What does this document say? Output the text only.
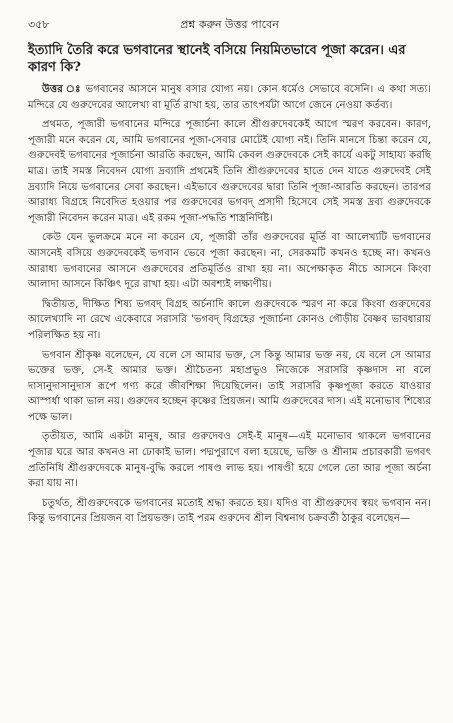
৩৫৮	প্রশ্ন করুন উত্তর পাবেন
ইত্যাদি তৈরি করে ভগবানের স্থানেই বসিয়ে নিয়মিতভাবে পূজা করেন। এর কারণ কি?

উত্তর ঃ ভগবানের আসনে মানুষ বসার যোগ্য নয়। কোন ধর্মেও সেভাবে বসেনি। এ কথা সত্য। মন্দিরে যে গুরুদেবের আলেখ্য বা মূর্তি রাখা হয়, তার তাৎপর্যটা আগে জেনে নেওয়া কর্তব্য।

প্রথমত, পূজারী ভগবানের মন্দিরে পূজার্চনা কালে শ্রীগুরুদেবকেই আগে স্মরণ করবেন। কারণ, পূজারী মনে করেন যে, আমি ভগবানের পূজা-সেবার মোটেই যোগ্য নই। তিনি মানসে চিন্তা করেন যে, গুরুদেবই ভগবানের পূজার্চনা আরতি করছেন, আমি কেবল গুরুদেবকে সেই কার্যে একটু সাহায্য করছি মাত্র। তাই সমস্ত নিবেদন যোগ্য দ্রব্যাদি প্রথমেই তিনি শ্রীগুরুদেবের হাতে দেন যাতে গুরুদেবই সেই দ্রব্যাদি নিয়ে ভগবানের সেবা করছেন। এইভাবে গুরুদেবের দ্বারা তিনি পূজা-আরতি করছেন। তারপর আরাধ্য বিগ্রহে নিবেদিত হওয়ার পর গুরুদেবের ভগবদ্ প্রসাদী হিসেবে সেই সমস্ত দ্রব্য গুরুদেবকে পূজারী নিবেদন করেন মাত্র। এই রকম পূজা-পদ্ধতি শাস্ত্রনির্দিষ্ট।

কেউ যেন ভুলক্রমে মনে না করেন যে, পূজারী তাঁর গুরুদেবের মূর্তি বা আলেখ্যটি ভগবানের আসনেই বসিয়ে গুরুদেবকেই ভগবান ভেবে পূজা করছেন। না, সেরকমটি কখনও হচ্ছে না। কখনও আরাধ্য ভগবানের আসনে গুরুদেবের প্রতিমূর্তিও রাখা হয় না। অপেক্ষাকৃত নীচে আসনে কিংবা আলাদা আসনে কিঞ্চিৎ দূরে রাখা হয়। এটা অবশ্যই লক্ষ্যণীয়।

দ্বিতীয়ত, দীক্ষিত শিষ্য ভগবদ্ বিগ্রহ অর্চনাদি কালে গুরুদেবকে স্মরণ না করে কিংবা গুরুদেবের আলেখ্যাদি না রেখে একেবারে সরাসরি 'ভগবদ্ বিগ্রহের পূজার্চনা কোনও গৌড়ীয় বৈষ্ণব ভাবধারায় পরিলক্ষিত হয় না।

ভগবান শ্রীকৃষ্ণ বলেছেন, যে বলে সে আমার ভক্ত, সে কিন্তু আমার ভক্ত নয়, যে বলে সে আমার ভক্তের ভক্ত, সে-ই আমার ভক্ত। শ্রীচৈতন্য মহাপ্রভুও নিজেকে সরাসরি কৃষ্ণদাস না বলে দাসানুদাসানুদাস রূপে গণ্য করে জীবশিক্ষা দিয়েছিলেন। তাই সরাসরি কৃষ্ণপূজা করতে যাওয়ার আস্পর্ধা থাকা ভাল নয়। গুরুদেব হচ্ছেন কৃষ্ণের প্রিয়জন। আমি গুরুদেবের দাস। এই মনোভাব শিষ্যের পক্ষে ভাল।

তৃতীয়ত, আমি একটা মানুষ, আর গুরুদেবও সেই-ই মানুষ—এই মনোভাব থাকলে ভগবানের পূজার ঘরে আর কখনও না ঢোকাই ভাল। পদ্মপুরাণে বলা হয়েছে, ভক্তি ও শ্রীনাম প্রচারকারী ভগবৎ প্রতিনিধি শ্রীগুরুদেবকে মানুষ-বুদ্ধি করলে পাষণ্ড লাভ হয়। পাষণ্ডী হয়ে গেলে তো আর পূজা অর্চনা করা যায় না।

চতুর্থত, শ্রীগুরুদেবকে ভগবানের মতোই শ্রদ্ধা করতে হয়। যদিও বা শ্রীগুরুদেব স্বয়ং ভগবান নন। কিন্তু ভগবানের প্রিয়জন বা প্রিয়ভক্ত। তাই পরম গুরুদেব শ্রীল বিশ্বনাথ চক্রবর্তী ঠাকুর বলেছেন—
